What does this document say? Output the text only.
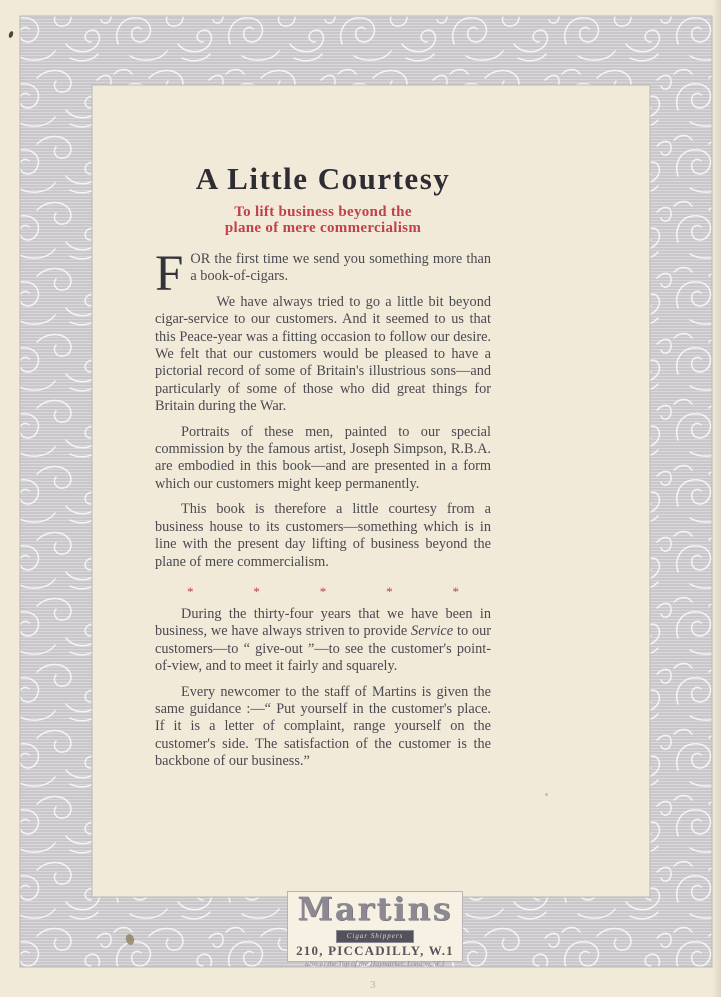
A Little Courtesy
To lift business beyond the
plane of mere commercialism

FOR the first time we send you something more than a book-of-cigars.

We have always tried to go a little bit beyond cigar-service to our customers. And it seemed to us that this Peace-year was a fitting occasion to follow our desire. We felt that our customers would be pleased to have a pictorial record of some of Britain's illustrious sons—and particularly of some of those who did great things for Britain during the War.

Portraits of these men, painted to our special commission by the famous artist, Joseph Simpson, R.B.A. are embodied in this book—and are presented in a form which our customers might keep permanently.

This book is therefore a little courtesy from a business house to its customers—something which is in line with the present day lifting of business beyond the plane of mere commercialism.

*	*	*	*	*

During the thirty-four years that we have been in business, we have always striven to provide Service to our customers—to “ give-out ”—to see the customer's point-of-view, and to meet it fairly and squarely.

Every newcomer to the staff of Martins is given the same guidance :—“ Put yourself in the customer's place. If it is a letter of complaint, range yourself on the customer's side. The satisfaction of the customer is the backbone of our business.”

Martins
Cigar Shippers
210, PICCADILLY, W.1
also at the Top of the Haymarket, London, W.1
3
